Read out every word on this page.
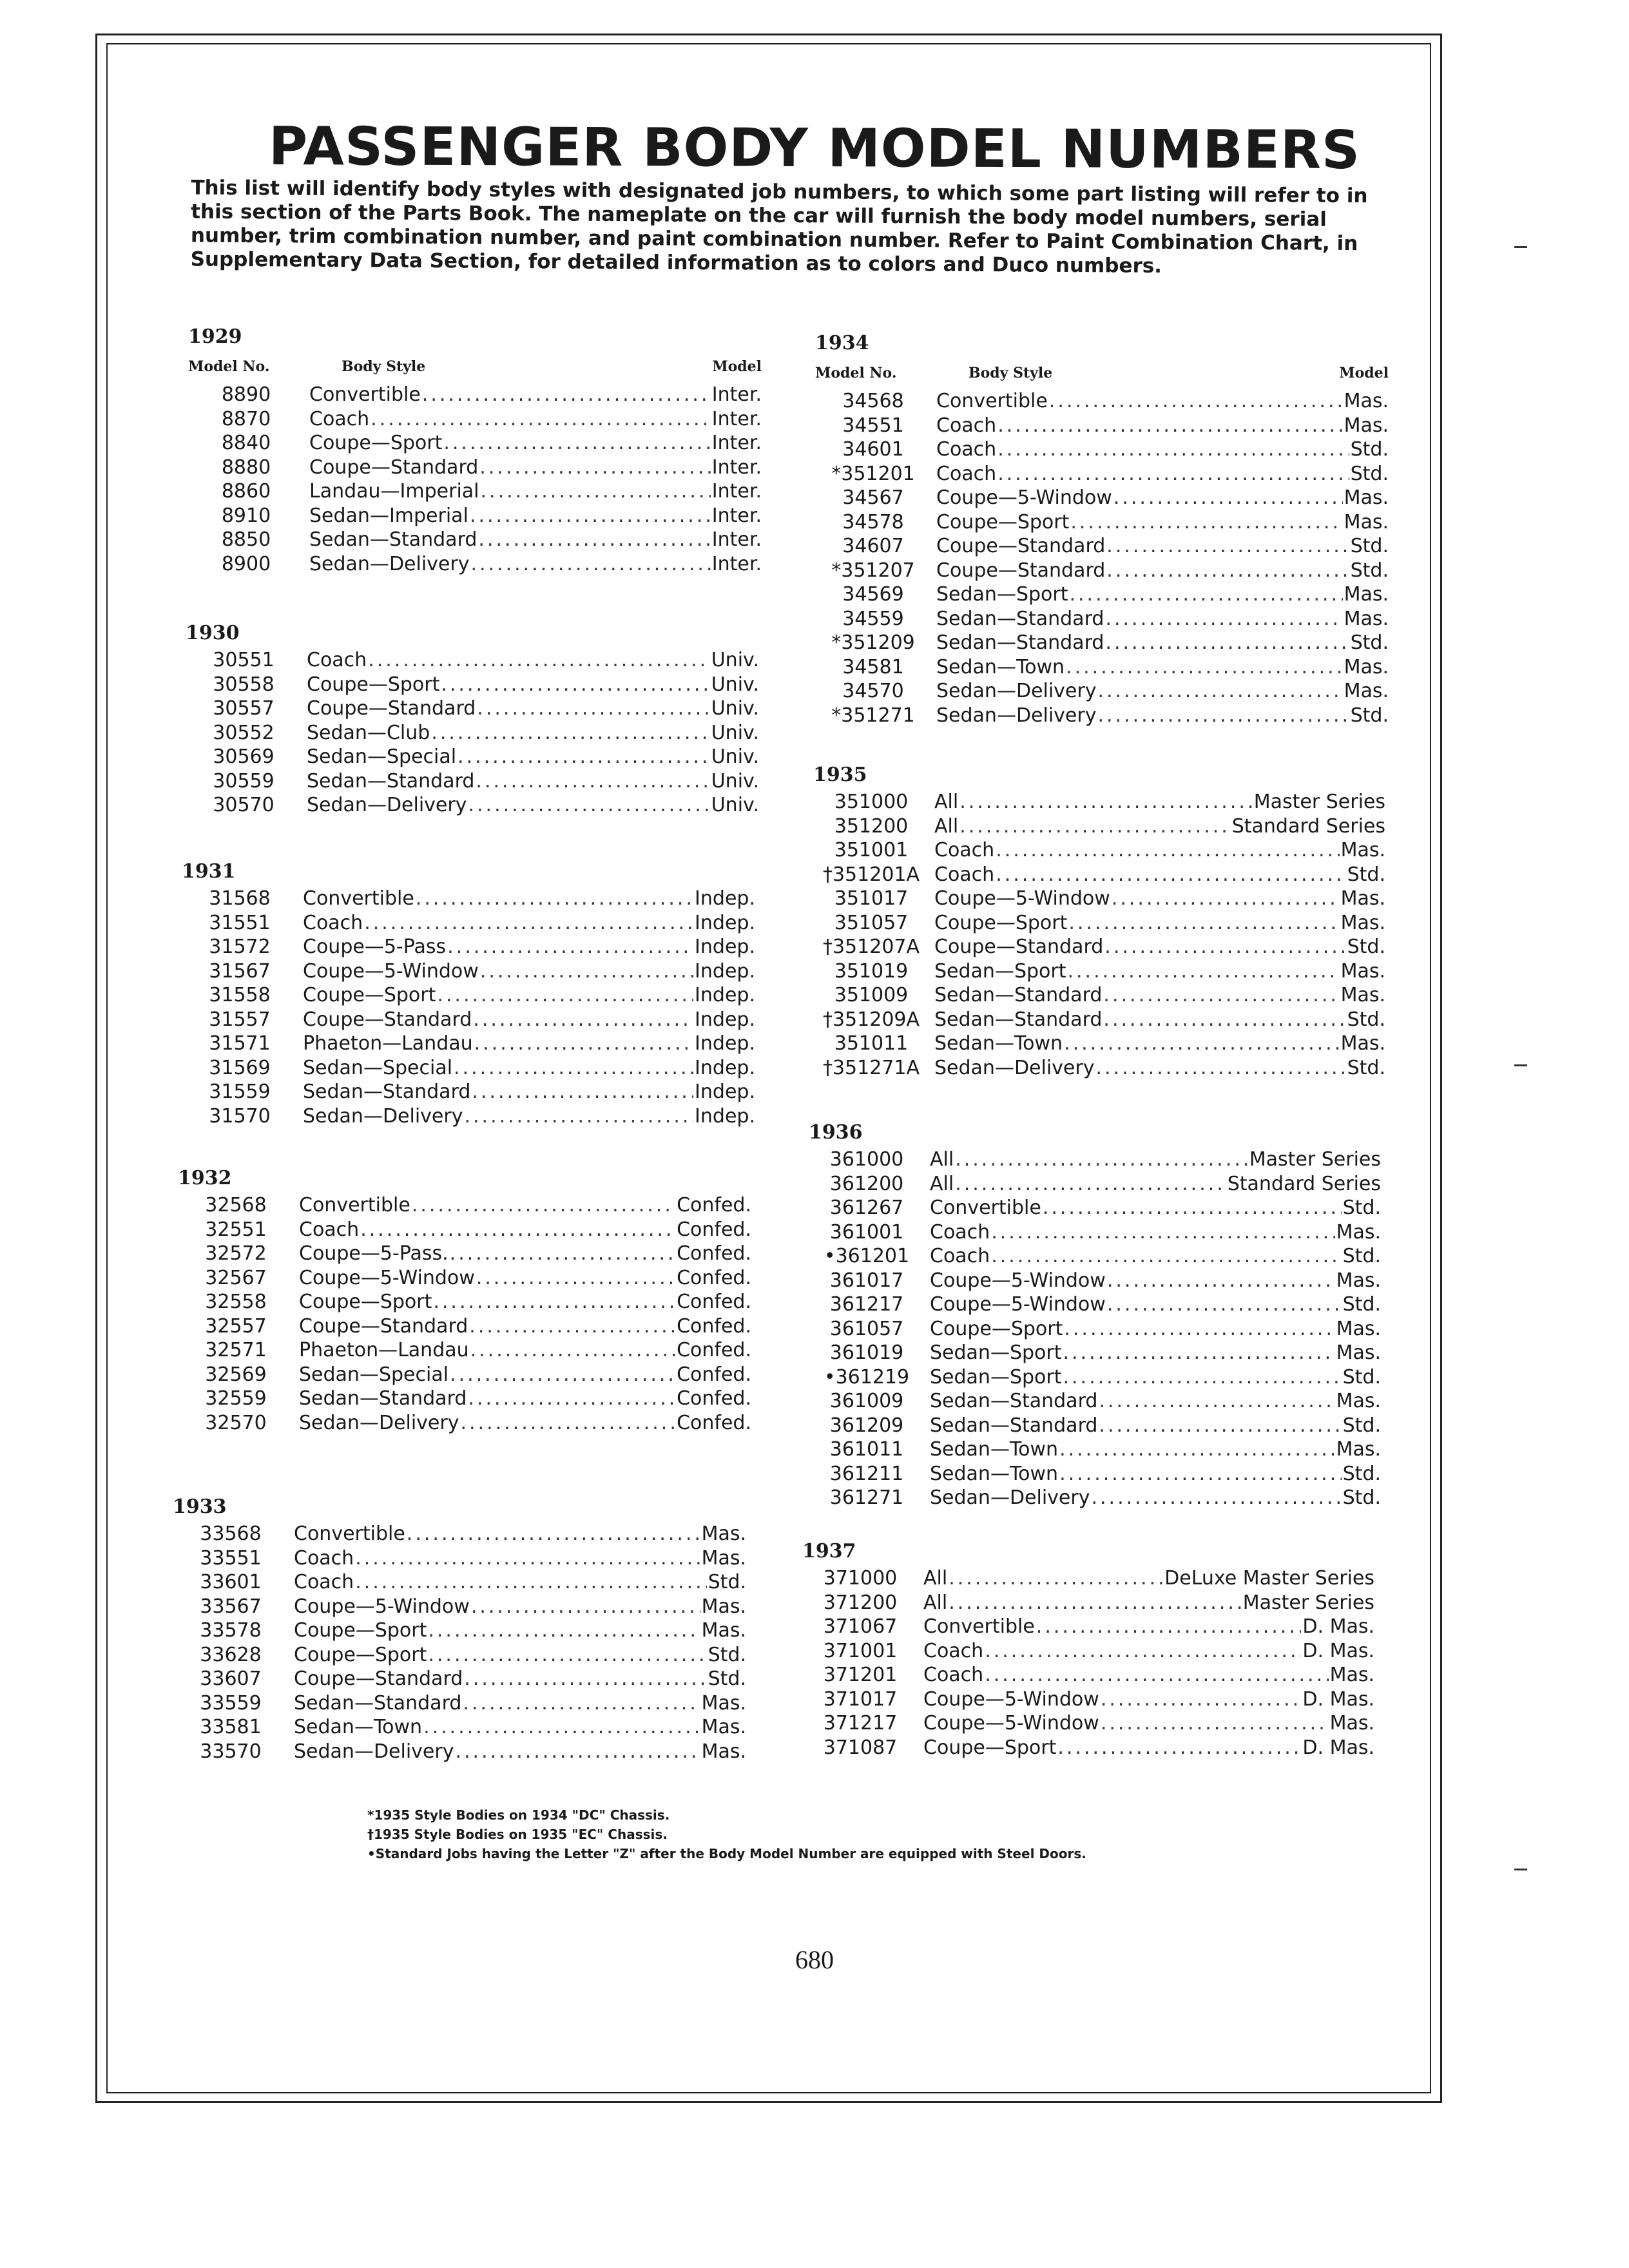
PASSENGER BODY MODEL NUMBERS
This list will identify body styles with designated job numbers, to which some part listing will refer to in this section of the Parts Book. The nameplate on the car will furnish the body model numbers, serial number, trim combination number, and paint combination number. Refer to Paint Combination Chart, in Supplementary Data Section, for detailed information as to colors and Duco numbers.
1929
Model No.	Body Style	Model
8890	Convertible .....	Inter.
8870	Coach .....	Inter.
8840	Coupe—Sport .....	Inter.
8880	Coupe—Standard .....	Inter.
8860	Landau—Imperial .....	Inter.
8910	Sedan—Imperial .....	Inter.
8850	Sedan—Standard .....	Inter.
8900	Sedan—Delivery .....	Inter.
1930
30551	Coach .....	Univ.
30558	Coupe—Sport .....	Univ.
30557	Coupe—Standard .....	Univ.
30552	Sedan—Club .....	Univ.
30569	Sedan—Special .....	Univ.
30559	Sedan—Standard .....	Univ.
30570	Sedan—Delivery .....	Univ.
1931
31568	Convertible .....	Indep.
31551	Coach .....	Indep.
31572	Coupe—5-Pass .....	Indep.
31567	Coupe—5-Window .....	Indep.
31558	Coupe—Sport .....	Indep.
31557	Coupe—Standard .....	Indep.
31571	Phaeton—Landau .....	Indep.
31569	Sedan—Special .....	Indep.
31559	Sedan—Standard .....	Indep.
31570	Sedan—Delivery .....	Indep.
1932
32568	Convertible .....	Confed.
32551	Coach .....	Confed.
32572	Coupe—5-Pass. .....	Confed.
32567	Coupe—5-Window .....	Confed.
32558	Coupe—Sport .....	Confed.
32557	Coupe—Standard .....	Confed.
32571	Phaeton—Landau .....	Confed.
32569	Sedan—Special .....	Confed.
32559	Sedan—Standard .....	Confed.
32570	Sedan—Delivery .....	Confed.
1933
33568	Convertible .....	Mas.
33551	Coach .....	Mas.
33601	Coach .....	Std.
33567	Coupe—5-Window .....	Mas.
33578	Coupe—Sport .....	Mas.
33628	Coupe—Sport .....	Std.
33607	Coupe—Standard .....	Std.
33559	Sedan—Standard .....	Mas.
33581	Sedan—Town .....	Mas.
33570	Sedan—Delivery .....	Mas.
1934
Model No.	Body Style	Model
34568	Convertible .....	Mas.
34551	Coach .....	Mas.
34601	Coach .....	Std.
*351201	Coach .....	Std.
34567	Coupe—5-Window .....	Mas.
34578	Coupe—Sport .....	Mas.
34607	Coupe—Standard .....	Std.
*351207	Coupe—Standard .....	Std.
34569	Sedan—Sport .....	Mas.
34559	Sedan—Standard .....	Mas.
*351209	Sedan—Standard .....	Std.
34581	Sedan—Town .....	Mas.
34570	Sedan—Delivery .....	Mas.
*351271	Sedan—Delivery .....	Std.
1935
351000	All .....	Master Series
351200	All .....	Standard Series
351001	Coach .....	Mas.
†351201A Coach .....	Std.
351017	Coupe—5-Window .....	Mas.
351057	Coupe—Sport .....	Mas.
†351207A Coupe—Standard .....	Std.
351019	Sedan—Sport .....	Mas.
351009	Sedan—Standard .....	Mas.
†351209A Sedan—Standard .....	Std.
351011	Sedan—Town .....	Mas.
†351271A Sedan—Delivery .....	Std.
1936
361000	All .....	Master Series
361200	All .....	Standard Series
361267	Convertible .....	Std.
361001	Coach .....	Mas.
•361201	Coach .....	Std.
361017	Coupe—5-Window .....	Mas.
361217	Coupe—5-Window .....	Std.
361057	Coupe—Sport .....	Mas.
361019	Sedan—Sport .....	Mas.
•361219	Sedan—Sport .....	Std.
361009	Sedan—Standard .....	Mas.
361209	Sedan—Standard .....	Std.
361011	Sedan—Town .....	Mas.
361211	Sedan—Town .....	Std.
361271	Sedan—Delivery .....	Std.
1937
371000	All .....	DeLuxe Master Series
371200	All .....	Master Series
371067	Convertible .....	D. Mas.
371001	Coach .....	D. Mas.
371201	Coach .....	Mas.
371017	Coupe—5-Window .....	D. Mas.
371217	Coupe—5-Window .....	Mas.
371087	Coupe—Sport .....	D. Mas.
*1935 Style Bodies on 1934 "DC" Chassis.
†1935 Style Bodies on 1935 "EC" Chassis.
•Standard Jobs having the Letter "Z" after the Body Model Number are equipped with Steel Doors.
680
